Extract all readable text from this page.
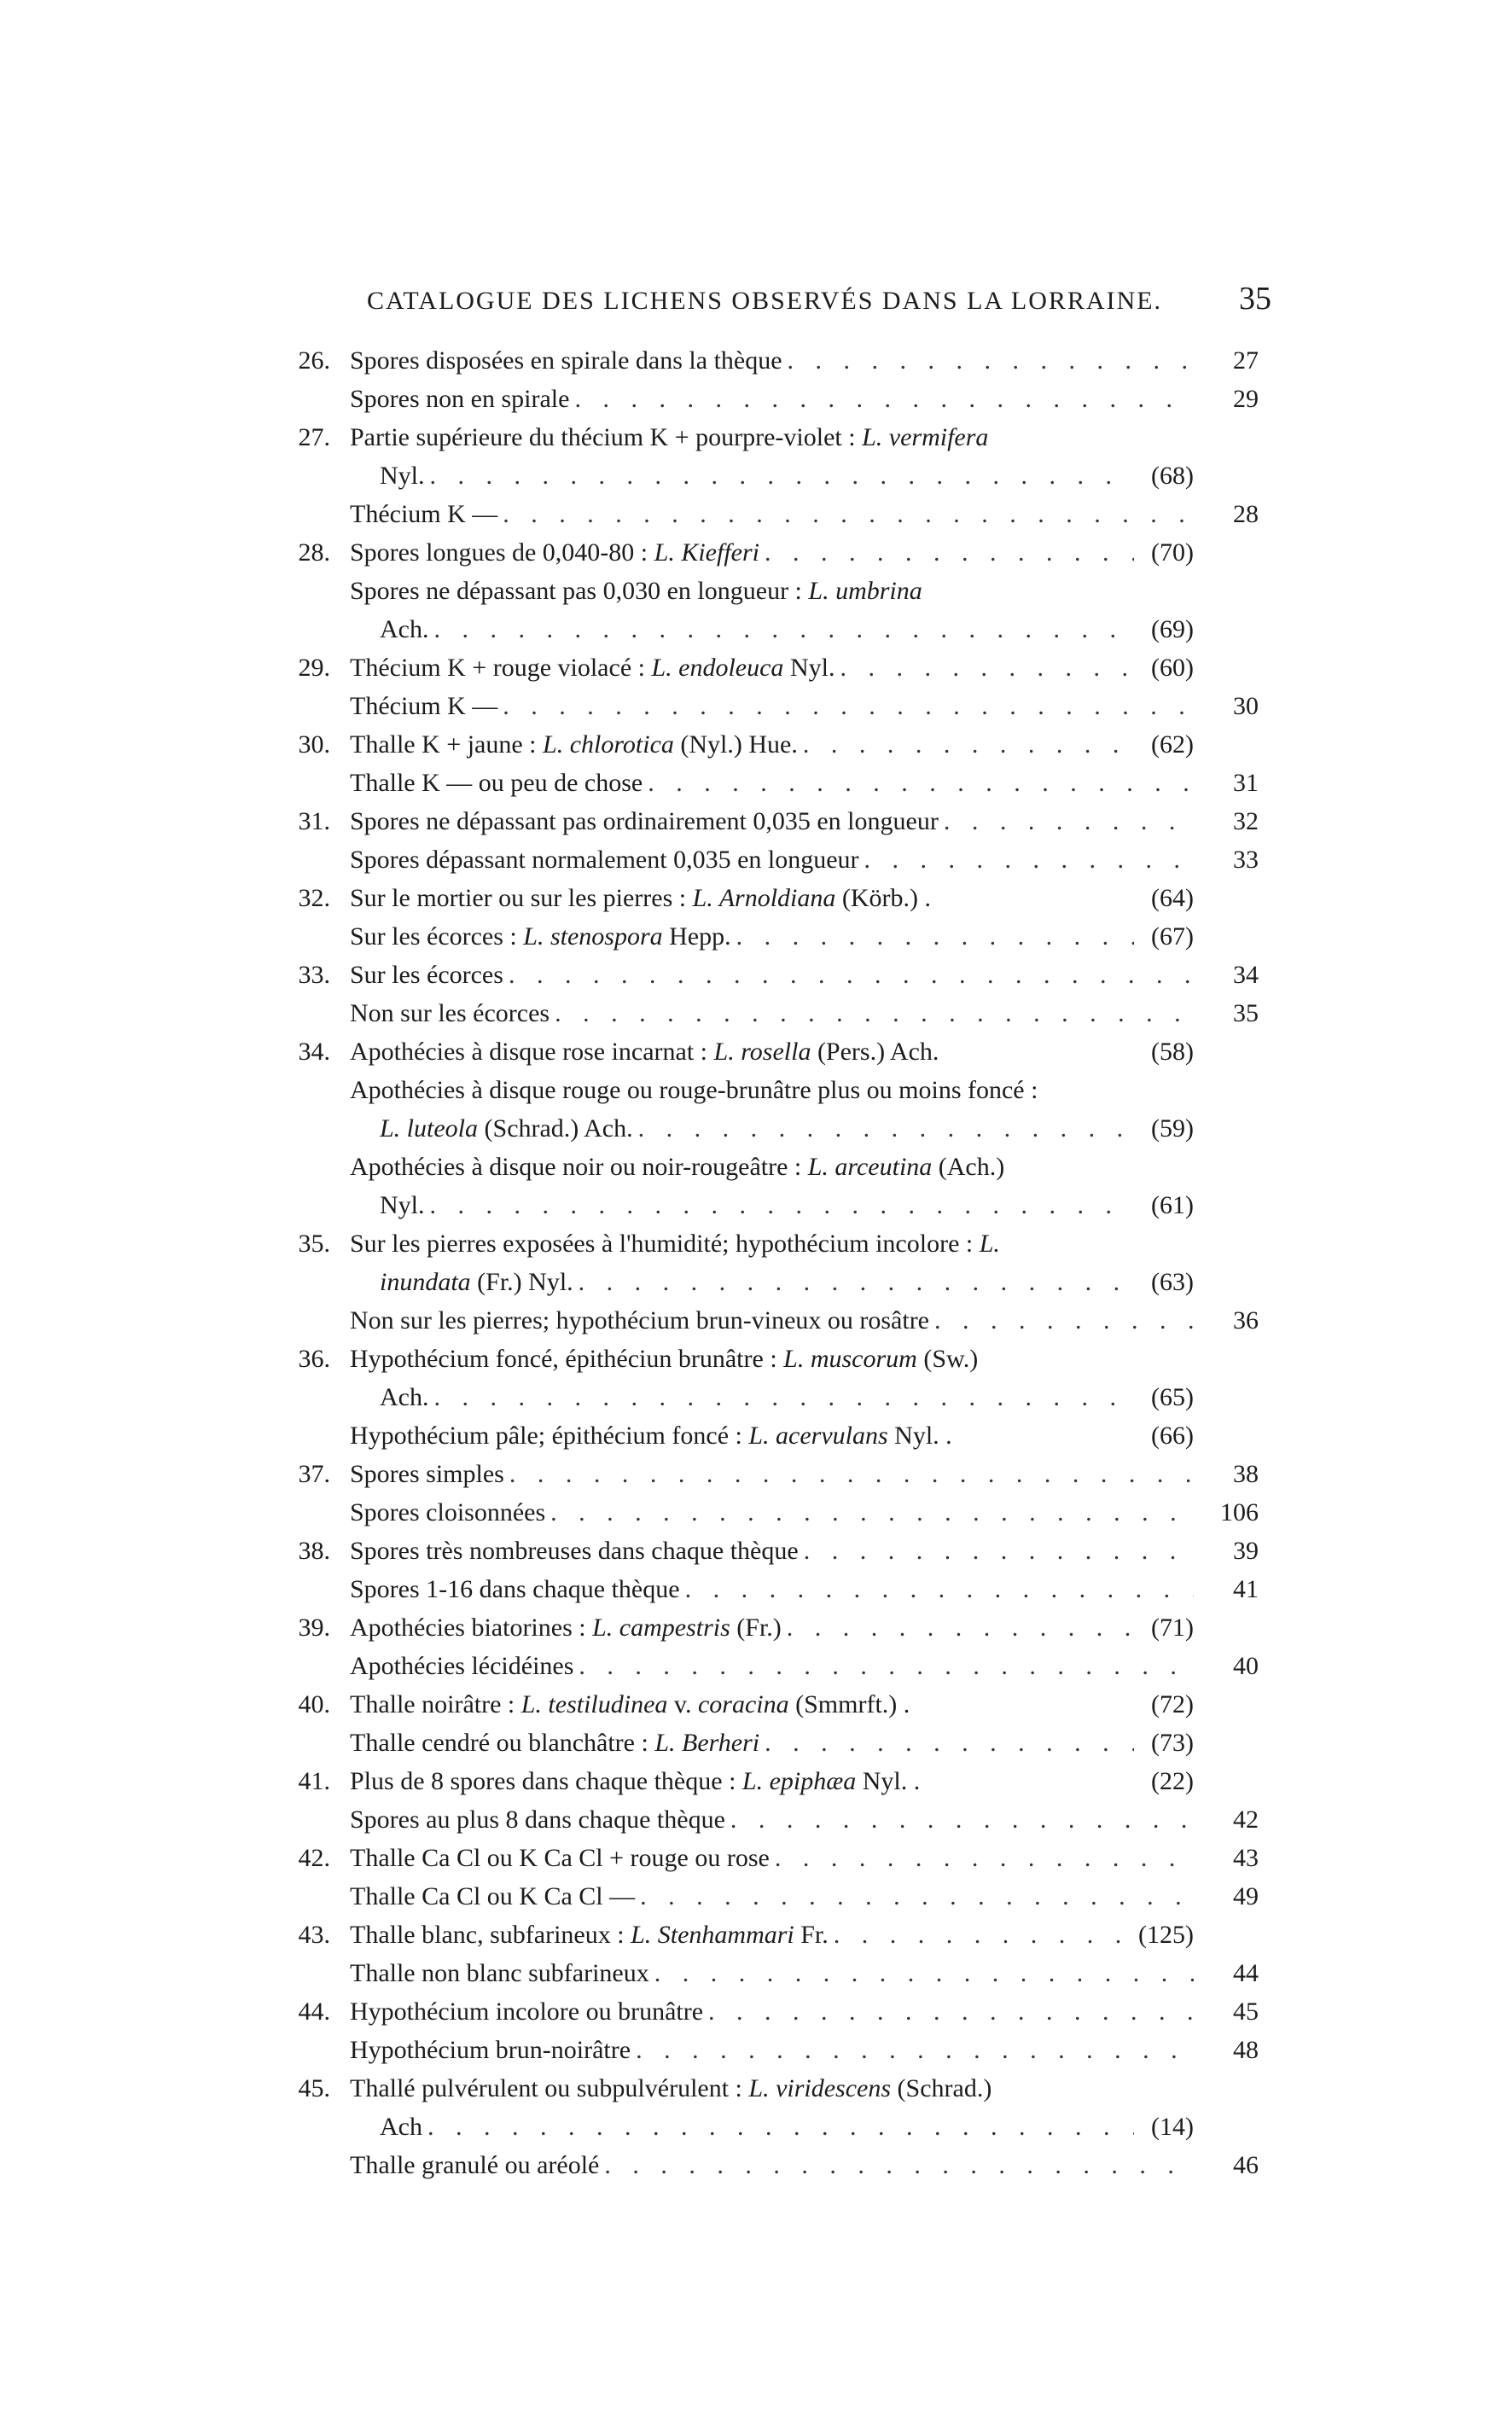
CATALOGUE DES LICHENS OBSERVÉS DANS LA LORRAINE. 35
26. Spores disposées en spirale dans la thèque . . .	27
Spores non en spirale . . .	29
27. Partie supérieure du thécium K + pourpre-violet : L. vermifera
Nyl. . . .	(68)
Thécium K — . . .	28
28. Spores longues de 0,040-80 : L. Kiefferi . . .	(70)
Spores ne dépassant pas 0,030 en longueur : L. umbrina
Ach. . . .	(69)
29. Thécium K + rouge violacé : L. endoleuca Nyl. . . .	(60)
Thécium K — . . .	30
30. Thalle K + jaune : L. chlorotica (Nyl.) Hue. . . .	(62)
Thalle K — ou peu de chose . . .	31
31. Spores ne dépassant pas ordinairement 0,035 en longueur . . .	32
Spores dépassant normalement 0,035 en longueur . . .	33
32. Sur le mortier ou sur les pierres : L. Arnoldiana (Körb.) .	(64)
Sur les écorces : L. stenospora Hepp. . . .	(67)
33. Sur les écorces . . .	34
Non sur les écorces . . .	35
34. Apothécies à disque rose incarnat : L. rosella (Pers.) Ach.	(58)
Apothécies à disque rouge ou rouge-brunâtre plus ou moins foncé :
L. luteola (Schrad.) Ach. . . .	(59)
Apothécies à disque noir ou noir-rougeâtre : L. arceutina (Ach.)
Nyl. . . .	(61)
35. Sur les pierres exposées à l'humidité; hypothécium incolore : L.
inundata (Fr.) Nyl. . . .	(63)
Non sur les pierres; hypothécium brun-vineux ou rosâtre . . .	36
36. Hypothécium foncé, épithéciun brunâtre : L. muscorum (Sw.)
Ach. . . .	(65)
Hypothécium pâle; épithécium foncé : L. acervulans Nyl. .	(66)
37. Spores simples . . .	38
Spores cloisonnées . . .	106
38. Spores très nombreuses dans chaque thèque . . .	39
Spores 1-16 dans chaque thèque . . .	41
39. Apothécies biatorines : L. campestris (Fr.) . . .	(71)
Apothécies lécidéines . . .	40
40. Thalle noirâtre : L. testiludinea v. coracina (Smmrft.) .	(72)
Thalle cendré ou blanchâtre : L. Berheri . . .	(73)
41. Plus de 8 spores dans chaque thèque : L. epiphæa Nyl. .	(22)
Spores au plus 8 dans chaque thèque . . .	42
42. Thalle Ca Cl ou K Ca Cl + rouge ou rose . . .	43
Thalle Ca Cl ou K Ca Cl — . . .	49
43. Thalle blanc, subfarineux : L. Stenhammari Fr. . . .	(125)
Thalle non blanc subfarineux . . .	44
44. Hypothécium incolore ou brunâtre . . .	45
Hypothécium brun-noirâtre . . .	48
45. Thallé pulvérulent ou subpulvérulent : L. viridescens (Schrad.)
Ach . . .	(14)
Thalle granulé ou aréolé . . .	46
